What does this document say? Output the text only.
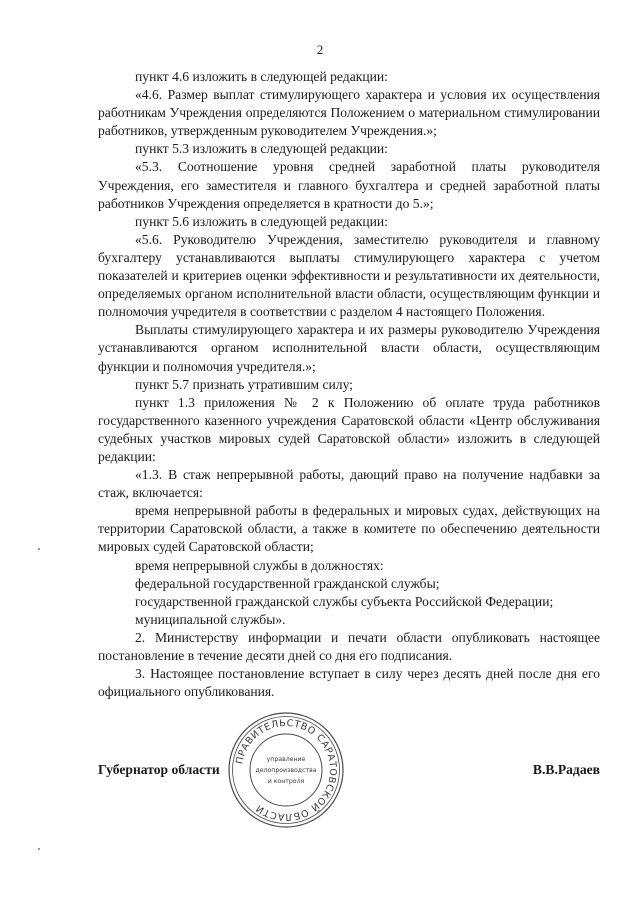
2

пункт 4.6 изложить в следующей редакции:

«4.6. Размер выплат стимулирующего характера и условия их осуществления работникам Учреждения определяются Положением о материальном стимулировании работников, утвержденным руководителем Учреждения.»;

пункт 5.3 изложить в следующей редакции:

«5.3. Соотношение уровня средней заработной платы руководителя Учреждения, его заместителя и главного бухгалтера и средней заработной платы работников Учреждения определяется в кратности до 5.»;

пункт 5.6 изложить в следующей редакции:

«5.6. Руководителю Учреждения, заместителю руководителя и главному бухгалтеру устанавливаются выплаты стимулирующего характера с учетом показателей и критериев оценки эффективности и результативности их деятельности, определяемых органом исполнительной власти области, осуществляющим функции и полномочия учредителя в соответствии с разделом 4 настоящего Положения.

Выплаты стимулирующего характера и их размеры руководителю Учреждения устанавливаются органом исполнительной власти области, осуществляющим функции и полномочия учредителя.»;

пункт 5.7 признать утратившим силу;

пункт 1.3 приложения № 2 к Положению об оплате труда работников государственного казенного учреждения Саратовской области «Центр обслуживания судебных участков мировых судей Саратовской области» изложить в следующей редакции:

«1.3. В стаж непрерывной работы, дающий право на получение надбавки за стаж, включается:

время непрерывной работы в федеральных и мировых судах, действующих на территории Саратовской области, а также в комитете по обеспечению деятельности мировых судей Саратовской области;

время непрерывной службы в должностях:

федеральной государственной гражданской службы;

государственной гражданской службы субъекта Российской Федерации;

муниципальной службы».

2. Министерству информации и печати области опубликовать настоящее постановление в течение десяти дней со дня его подписания.

3. Настоящее постановление вступает в силу через десять дней после дня его официального опубликования.

ПРАВИТЕЛЬСТВО САРАТОВСКОЙ ОБЛАСТИ
управление
делопроизводства
и контроля
Губернатор области	В.В.Радаев
